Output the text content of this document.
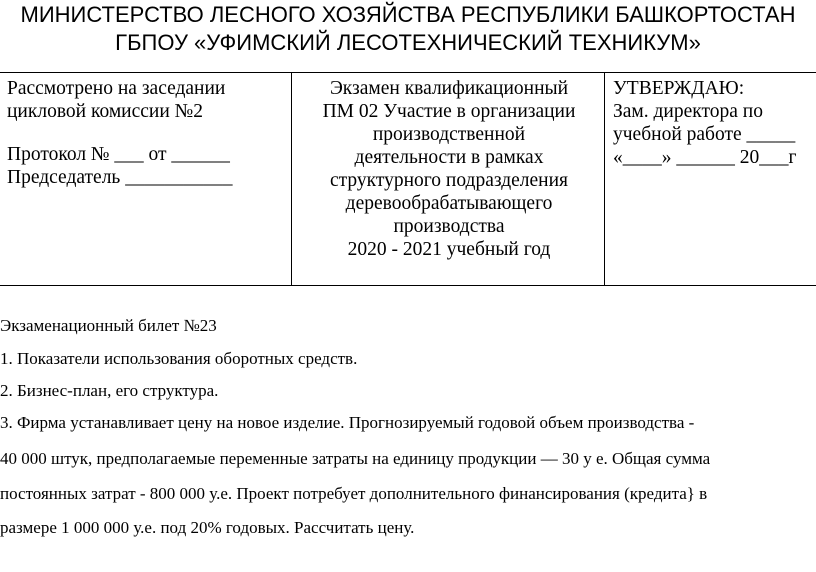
МИНИСТЕРСТВО ЛЕСНОГО ХОЗЯЙСТВА РЕСПУБЛИКИ БАШКОРТОСТАН
ГБПОУ «УФИМСКИЙ ЛЕСОТЕХНИЧЕСКИЙ ТЕХНИКУМ»
Рассмотрено на заседании
цикловой комиссии №2
Протокол № ___ от ______
Председатель ___________

Экзамен квалификационный
ПМ 02 Участие в организации
производственной
деятельности в рамках
структурного подразделения
деревообрабатывающего
производства
2020 - 2021 учебный год

УТВЕРЖДАЮ:
Зам. директора по
учебной работе _____
«____» ______ 20___г
Экзаменационный билет №23
1. Показатели использования оборотных средств.
2. Бизнес-план, его структура.
3. Фирма устанавливает цену на новое изделие. Прогнозируемый годовой объем производства -
40 000 штук, предполагаемые переменные затраты на единицу продукции — 30 у е. Общая сумма
постоянных затрат - 800 000 у.е. Проект потребует дополнительного финансирования (кредита} в
размере 1 000 000 у.е. под 20% годовых. Рассчитать цену.
